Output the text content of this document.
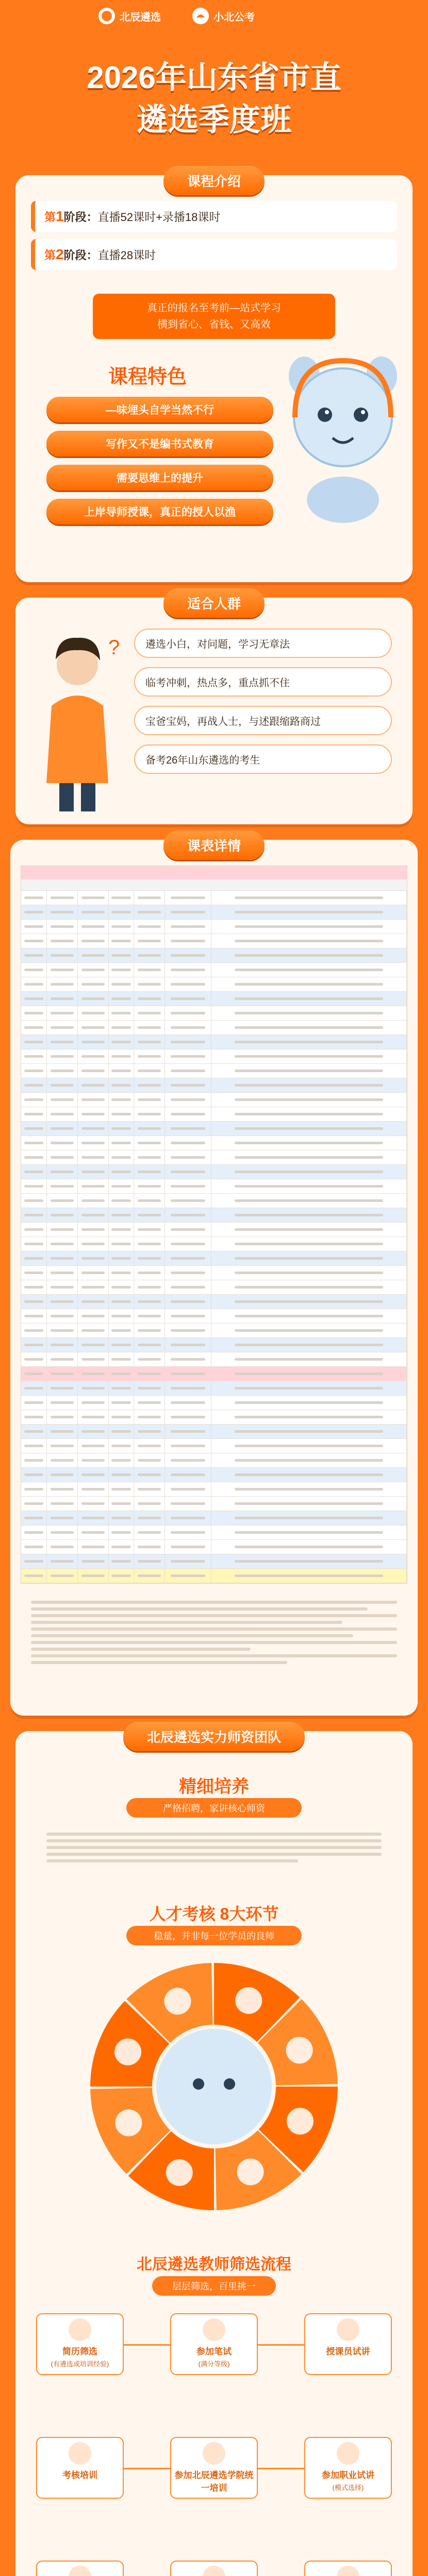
北辰遴选	小北公考
2026年山东省市直
遴选季度班
课程介绍
第1阶段：直播52课时+录播18课时
第2阶段：直播28课时
真正的报名至考前—站式学习
横到省心、省钱、又高效
课程特色
—味埋头自学当然不行
写作又不是编书式教育
需要思维上的提升
上岸导师授课，真正的授人以渔
适合人群
?	遴选小白，对问题，学习无章法
临考冲刺，热点多，重点抓不住
宝爸宝妈，再战人士，与述跟缩路商过
备考26年山东遴选的考生
课表详情
北辰遴选实力师资团队
精细培养
严格招聘，家讲核心师资
人才考核 8大环节
稳量，并非每一位学员的良师
北辰遴选教师筛选流程
层层筛选，百里挑一
简历筛选
(有遴选或培训经验)
参加笔试
(满分等级)
授课员试讲
考核培训	参加北辰遴选学院统一培训
参加职业试讲
(模式选择)
